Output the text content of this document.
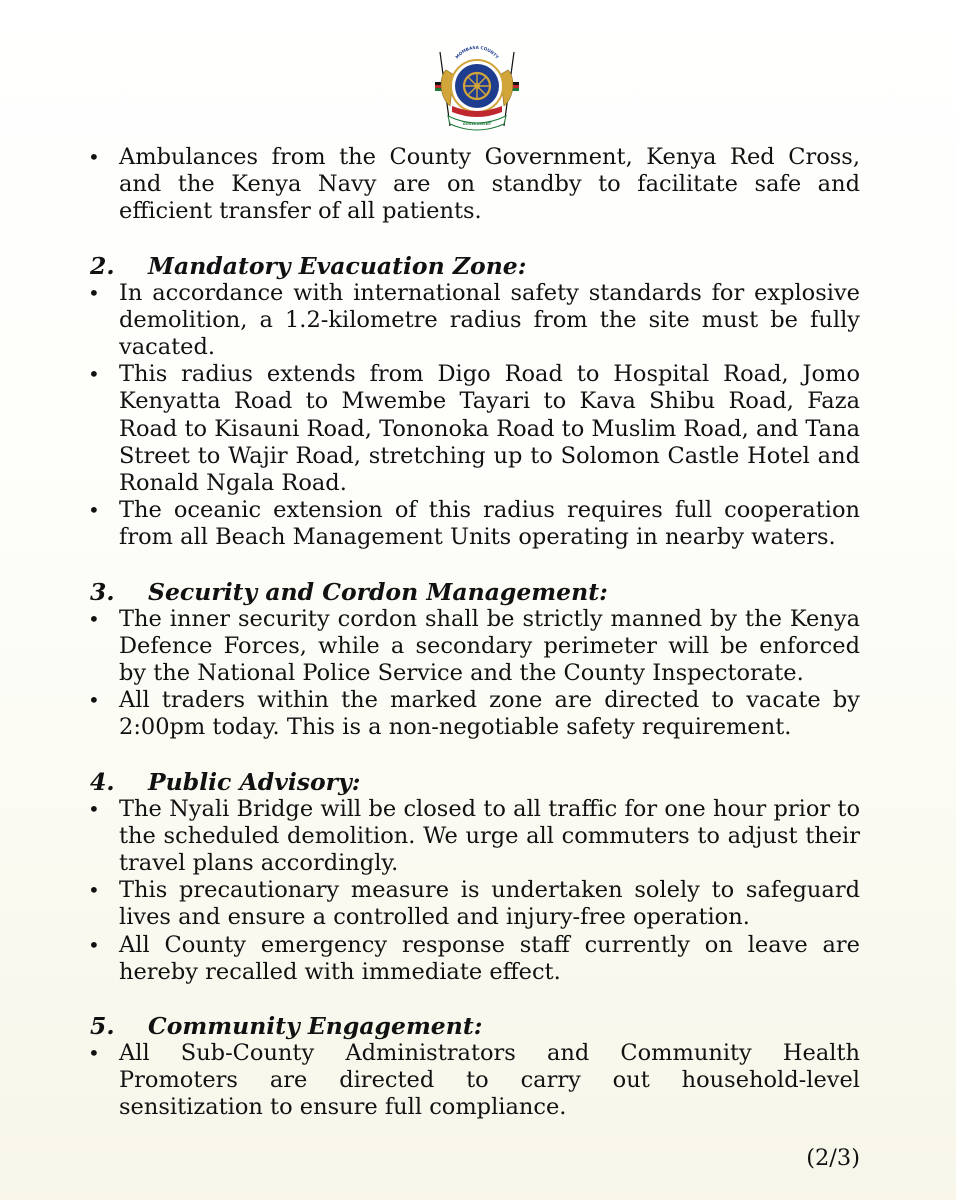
MOMBASA COUNTY
GOVERNMENT
• Ambulances from the County Government, Kenya Red Cross, and the Kenya Navy are on standby to facilitate safe and efficient transfer of all patients.
2.	Mandatory Evacuation Zone:
• In accordance with international safety standards for explosive demolition, a 1.2-kilometre radius from the site must be fully vacated.
• This radius extends from Digo Road to Hospital Road, Jomo Kenyatta Road to Mwembe Tayari to Kava Shibu Road, Faza Road to Kisauni Road, Tononoka Road to Muslim Road, and Tana Street to Wajir Road, stretching up to Solomon Castle Hotel and Ronald Ngala Road.
• The oceanic extension of this radius requires full cooperation from all Beach Management Units operating in nearby waters.
3.	Security and Cordon Management:
• The inner security cordon shall be strictly manned by the Kenya Defence Forces, while a secondary perimeter will be enforced by the National Police Service and the County Inspectorate.
• All traders within the marked zone are directed to vacate by 2:00pm today. This is a non-negotiable safety requirement.
4.	Public Advisory:
• The Nyali Bridge will be closed to all traffic for one hour prior to the scheduled demolition. We urge all commuters to adjust their travel plans accordingly.
• This precautionary measure is undertaken solely to safeguard lives and ensure a controlled and injury-free operation.
• All County emergency response staff currently on leave are hereby recalled with immediate effect.
5.	Community Engagement:
• All Sub-County Administrators and Community Health Promoters are directed to carry out household-level sensitization to ensure full compliance.
(2/3)
